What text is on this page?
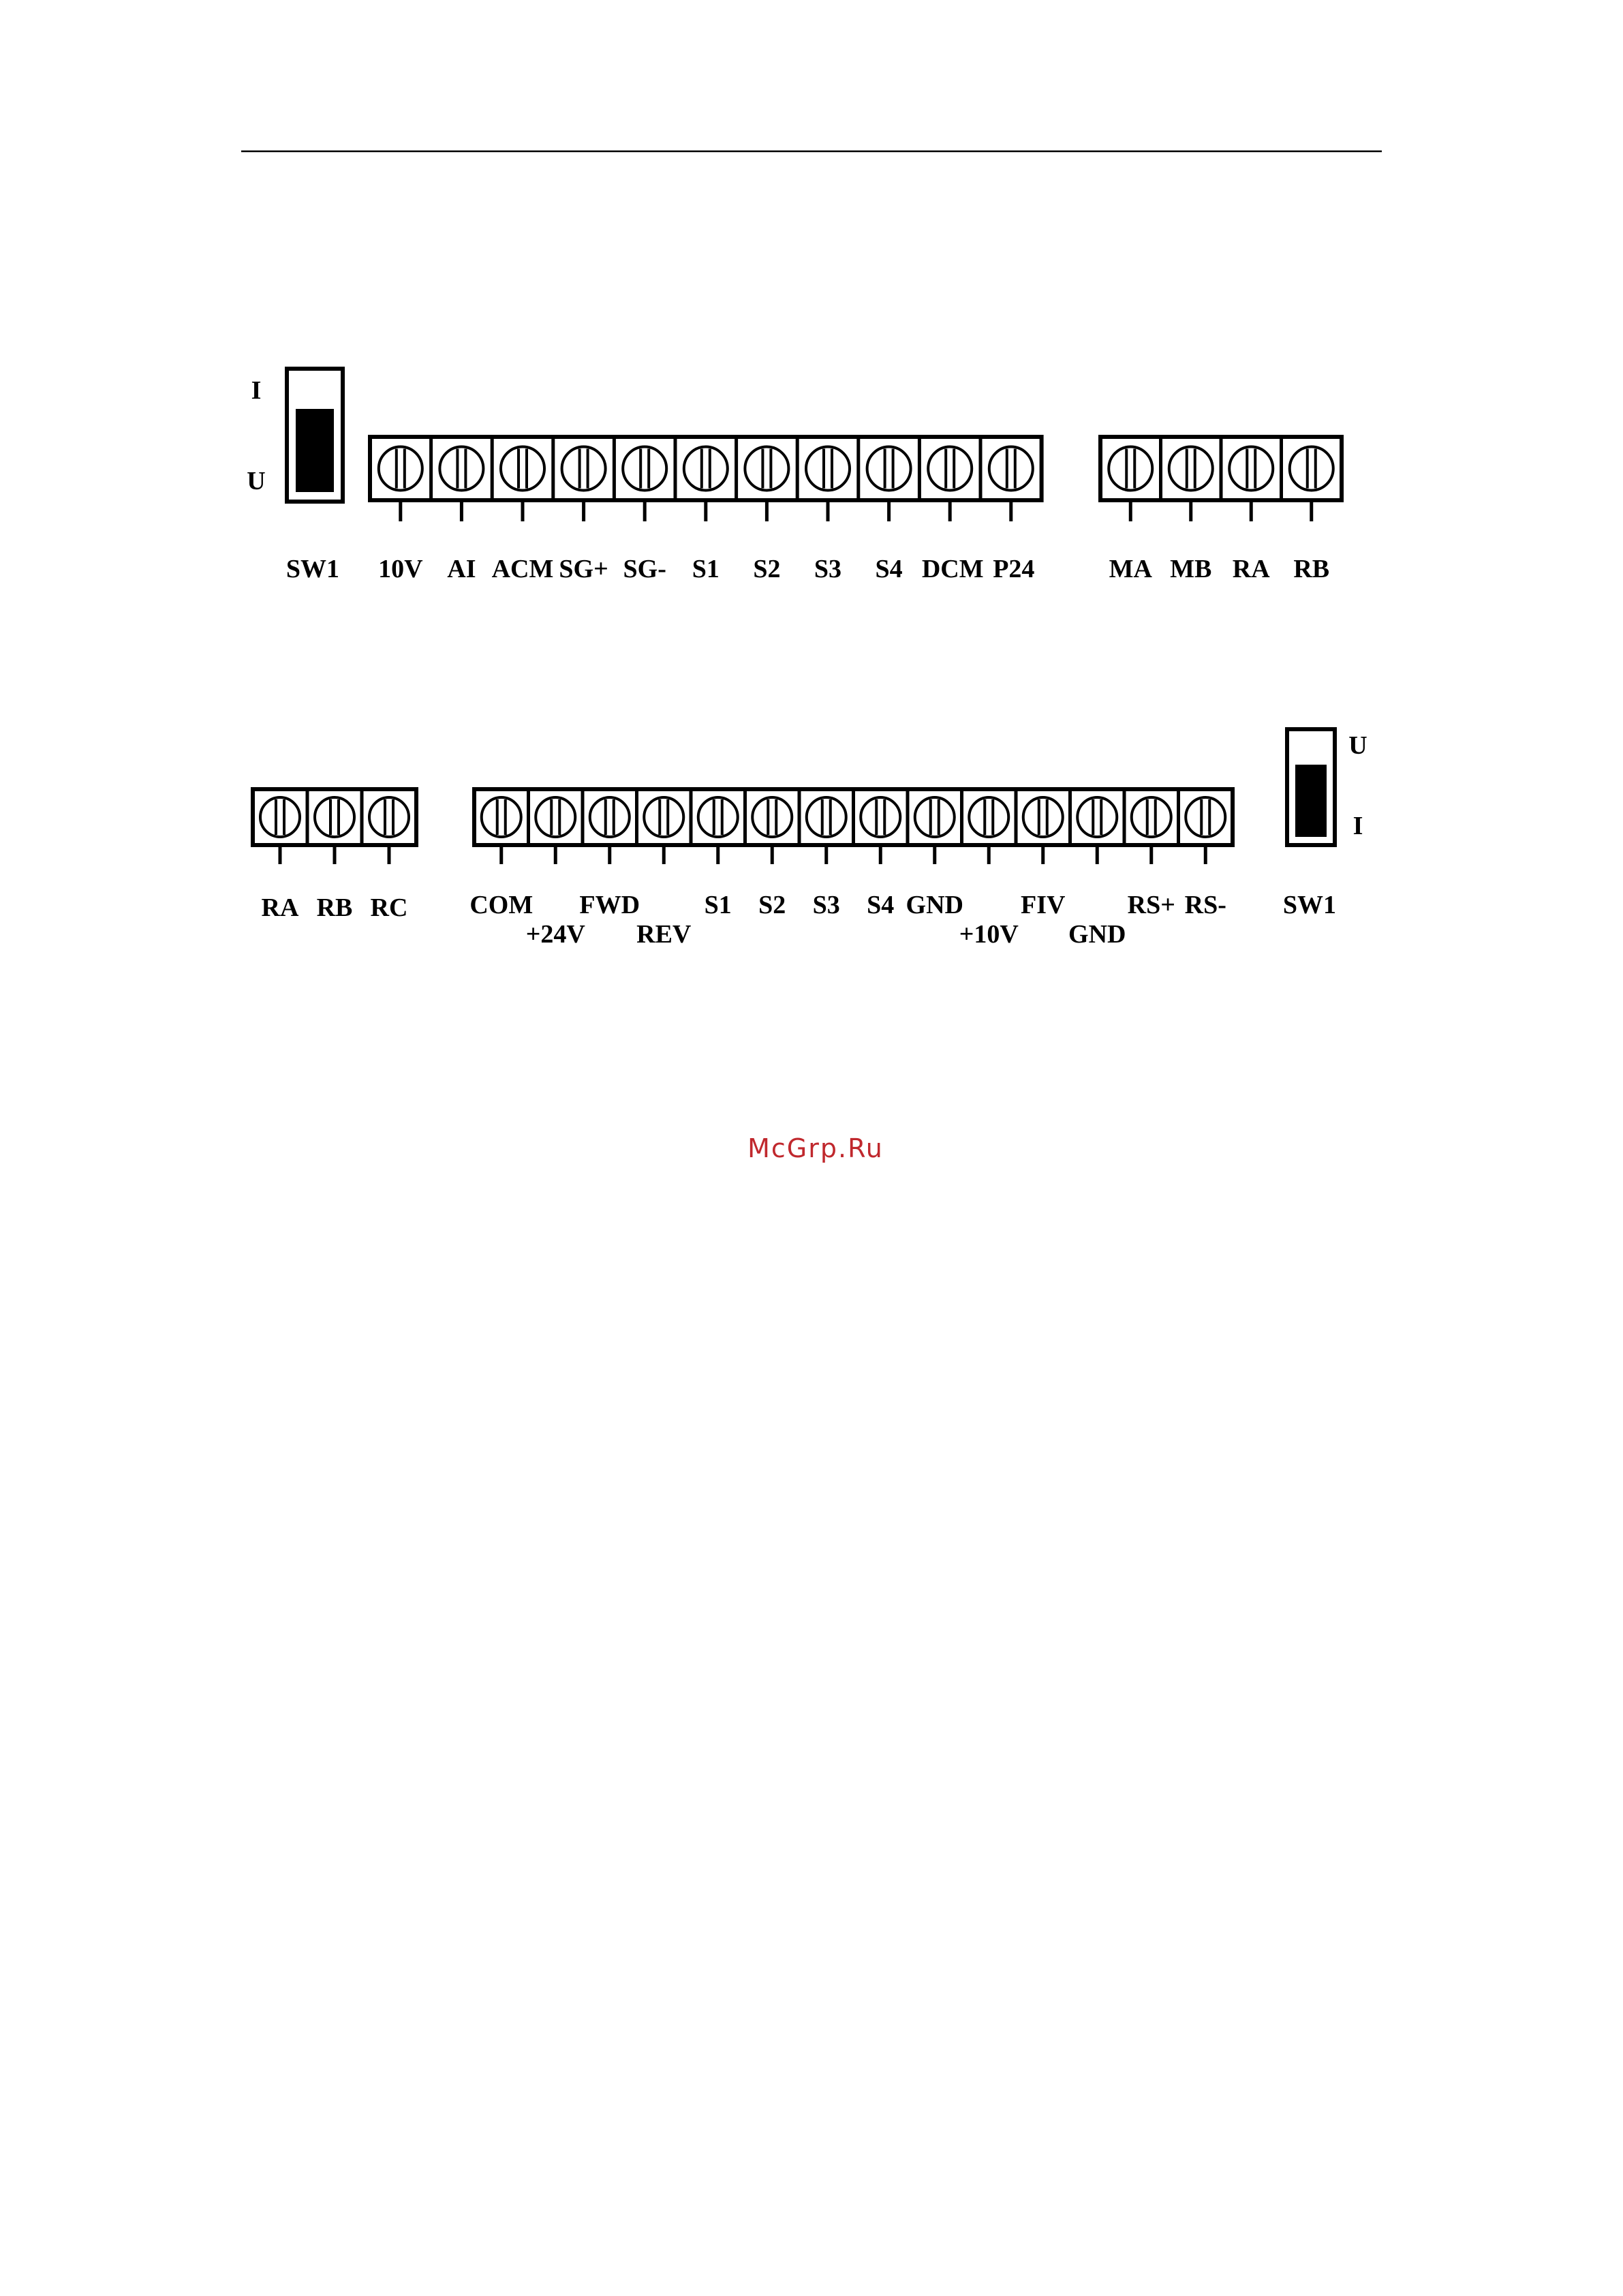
I
U
SW1 10V AI ACM SG+ SG- S1 S2 S3 S4 DCM P24	MA MB RA RB
RA RB RC COM
+24V
FWD
REV
S1 S2 S3 S4 GND
+10V
FIV
GND
RS+ RS-
U
I
SW1
McGrp.Ru
